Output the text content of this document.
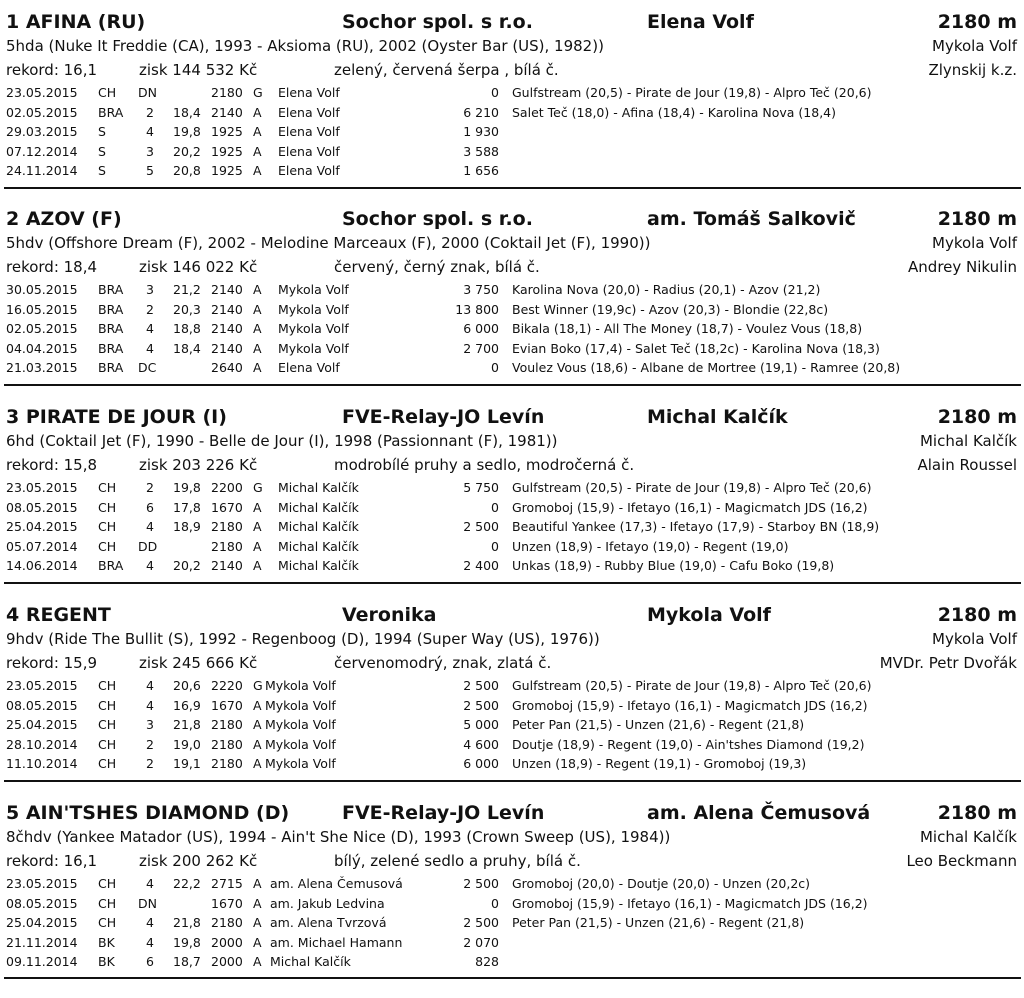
1 AFINA (RU)	Sochor spol. s r.o.	Elena Volf	2180 m
5hda (Nuke It Freddie (CA), 1993 - Aksioma (RU), 2002 (Oyster Bar (US), 1982))	Mykola Volf
rekord: 16,1	zisk 144 532 Kč	zelený, červená šerpa , bílá č.	Zlynskij k.z.
23.05.2015 CH DN	2180 G Elena Volf	0 Gulfstream (20,5) - Pirate de Jour (19,8) - Alpro Teč (20,6)
02.05.2015 BRA	2 18,4 2140 A Elena Volf	6 210 Salet Teč (18,0) - Afina (18,4) - Karolina Nova (18,4)
29.03.2015 S	4 19,8 1925 A Elena Volf	1 930
07.12.2014 S	3 20,2 1925 A Elena Volf	3 588
24.11.2014 S	5 20,8 1925 A Elena Volf	1 656
2 AZOV (F)	Sochor spol. s r.o.	am. Tomáš Salkovič	2180 m
5hdv (Offshore Dream (F), 2002 - Melodine Marceaux (F), 2000 (Coktail Jet (F), 1990))	Mykola Volf
rekord: 18,4	zisk 146 022 Kč	červený, černý znak, bílá č.	Andrey Nikulin
30.05.2015 BRA	3 21,2 2140 A Mykola Volf	3 750 Karolina Nova (20,0) - Radius (20,1) - Azov (21,2)
16.05.2015 BRA	2 20,3 2140 A Mykola Volf	13 800 Best Winner (19,9c) - Azov (20,3) - Blondie (22,8c)
02.05.2015 BRA	4 18,8 2140 A Mykola Volf	6 000 Bikala (18,1) - All The Money (18,7) - Voulez Vous (18,8)
04.04.2015 BRA	4 18,4 2140 A Mykola Volf	2 700 Evian Boko (17,4) - Salet Teč (18,2c) - Karolina Nova (18,3)
21.03.2015 BRA DC	2640 A Elena Volf	0 Voulez Vous (18,6) - Albane de Mortree (19,1) - Ramree (20,8)
3 PIRATE DE JOUR (I)	FVE-Relay-JO Levín	Michal Kalčík	2180 m
6hd (Coktail Jet (F), 1990 - Belle de Jour (I), 1998 (Passionnant (F), 1981))	Michal Kalčík
rekord: 15,8	zisk 203 226 Kč	modrobílé pruhy a sedlo, modročerná č.	Alain Roussel
23.05.2015 CH	2 19,8 2200 G Michal Kalčík	5 750 Gulfstream (20,5) - Pirate de Jour (19,8) - Alpro Teč (20,6)
08.05.2015 CH	6 17,8 1670 A Michal Kalčík	0 Gromoboj (15,9) - Ifetayo (16,1) - Magicmatch JDS (16,2)
25.04.2015 CH	4 18,9 2180 A Michal Kalčík	2 500 Beautiful Yankee (17,3) - Ifetayo (17,9) - Starboy BN (18,9)
05.07.2014 CH DD	2180 A Michal Kalčík	0 Unzen (18,9) - Ifetayo (19,0) - Regent (19,0)
14.06.2014 BRA	4 20,2 2140 A Michal Kalčík	2 400 Unkas (18,9) - Rubby Blue (19,0) - Cafu Boko (19,8)
4 REGENT	Veronika	Mykola Volf	2180 m
9hdv (Ride The Bullit (S), 1992 - Regenboog (D), 1994 (Super Way (US), 1976))	Mykola Volf
rekord: 15,9	zisk 245 666 Kč	červenomodrý, znak, zlatá č.	MVDr. Petr Dvořák
23.05.2015 CH	4 20,6 2220 G Mykola Volf	2 500 Gulfstream (20,5) - Pirate de Jour (19,8) - Alpro Teč (20,6)
08.05.2015 CH	4 16,9 1670 A Mykola Volf	2 500 Gromoboj (15,9) - Ifetayo (16,1) - Magicmatch JDS (16,2)
25.04.2015 CH	3 21,8 2180 A Mykola Volf	5 000 Peter Pan (21,5) - Unzen (21,6) - Regent (21,8)
28.10.2014 CH	2 19,0 2180 A Mykola Volf	4 600 Doutje (18,9) - Regent (19,0) - Ain'tshes Diamond (19,2)
11.10.2014 CH	2 19,1 2180 A Mykola Volf	6 000 Unzen (18,9) - Regent (19,1) - Gromoboj (19,3)
5 AIN'TSHES DIAMOND (D)	FVE-Relay-JO Levín	am. Alena Čemusová	2180 m
8čhdv (Yankee Matador (US), 1994 - Ain't She Nice (D), 1993 (Crown Sweep (US), 1984))	Michal Kalčík
rekord: 16,1	zisk 200 262 Kč	bílý, zelené sedlo a pruhy, bílá č.	Leo Beckmann
23.05.2015 CH	4 22,2 2715 A am. Alena Čemusová	2 500 Gromoboj (20,0) - Doutje (20,0) - Unzen (20,2c)
08.05.2015 CH DN	1670 A am. Jakub Ledvina	0 Gromoboj (15,9) - Ifetayo (16,1) - Magicmatch JDS (16,2)
25.04.2015 CH	4 21,8 2180 A am. Alena Tvrzová	2 500 Peter Pan (21,5) - Unzen (21,6) - Regent (21,8)
21.11.2014 BK	4 19,8 2000 A am. Michael Hamann	2 070
09.11.2014 BK	6 18,7 2000 A Michal Kalčík	828
